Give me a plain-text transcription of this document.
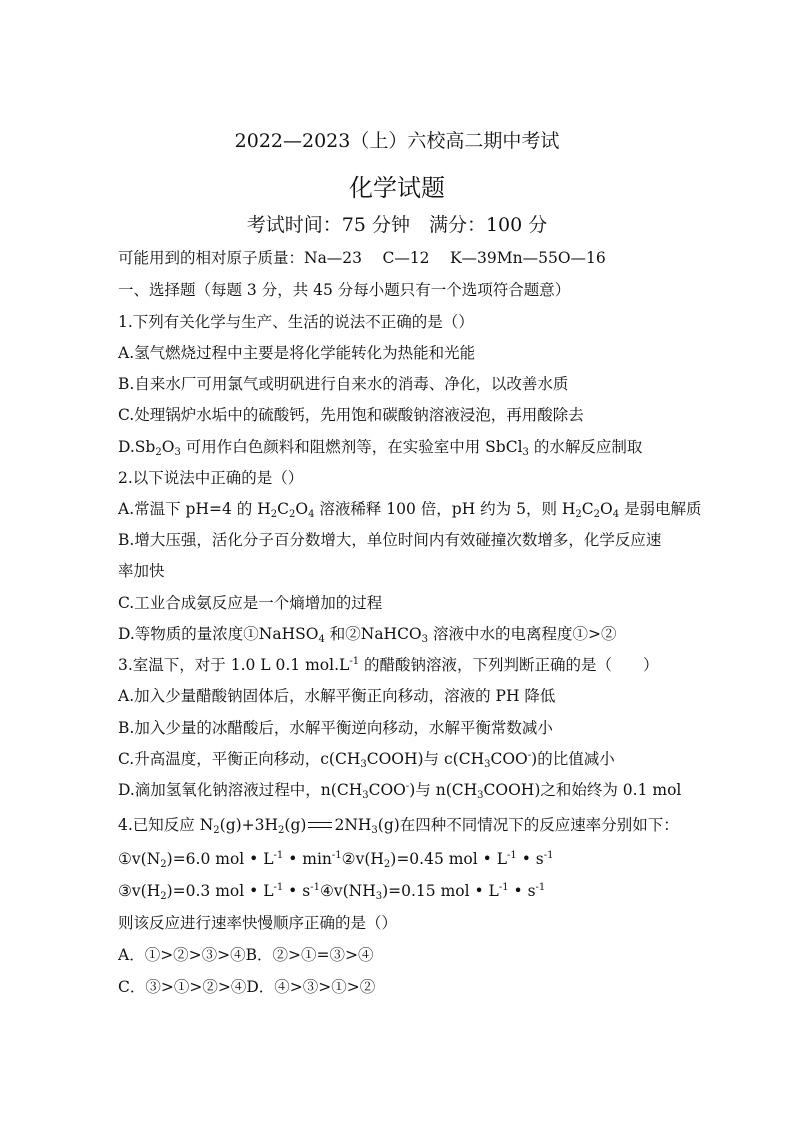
2022—2023（上）六校高二期中考试
化学试题
考试时间：75 分钟　满分：100 分
可能用到的相对原子质量：Na—23　 C—12　 K—39Mn—55O—16
一、选择题（每题 3 分，共 45 分每小题只有一个选项符合题意）
1.下列有关化学与生产、生活的说法不正确的是（）
A.氢气燃烧过程中主要是将化学能转化为热能和光能
B.自来水厂可用氯气或明矾进行自来水的消毒、净化，以改善水质
C.处理锅炉水垢中的硫酸钙，先用饱和碳酸钠溶液浸泡，再用酸除去
$D.Sb_2O_3$ 可用作白色颜料和阻燃剂等，在实验室中用 SbCl$_3$ 的水解反应制取
2.以下说法中正确的是（）
A.常温下 pH=4 的 $H_2C_2O_4$ 溶液稀释 100 倍，pH 约为 5，则 $H_2C_2O_4$ 是弱电解质
B.增大压强，活化分子百分数增大，单位时间内有效碰撞次数增多，化学反应速
率加快
C.工业合成氨反应是一个熵增加的过程
D.等物质的量浓度①NaHSO$_4$ 和②NaHCO$_3$ 溶液中水的电离程度①>②
3.室温下，对于 1.0 L 0.1 $mol.L^{-1}$ 的醋酸钠溶液，下列判断正确的是（　　）
A.加入少量醋酸钠固体后，水解平衡正向移动，溶液的 PH 降低
B.加入少量的冰醋酸后，水解平衡逆向移动，水解平衡常数减小
C.升高温度，平衡正向移动，$c(CH_3COOH)$与 $c(CH_3COO^-)$的比值减小
D.滴加氢氧化钠溶液过程中，$n(CH_3COO^-)$与 $n(CH_3COOH)$之和始终为 0.1 mol
4.已知反应 $N_2(g)+3H_2(g)$ $2NH_3(g)$在四种不同情况下的反应速率分别如下：
$①v(N_2)=6.0$ mol • $L^{-1}$ • $\min^{-1}②v(H_2)=0.45$ mol • $L^{-1}$ • $s^{-1}$
$③v(H_2)=0.3$ mol • $L^{-1}$ • $s^{-1}④v(NH_3)=0.15$ mol • $L^{-1}$ • $s^{-1}$
则该反应进行速率快慢顺序正确的是（）
A．①>②>③>④B．②>①=③>④
C．③>①>②>④D．④>③>①>②
